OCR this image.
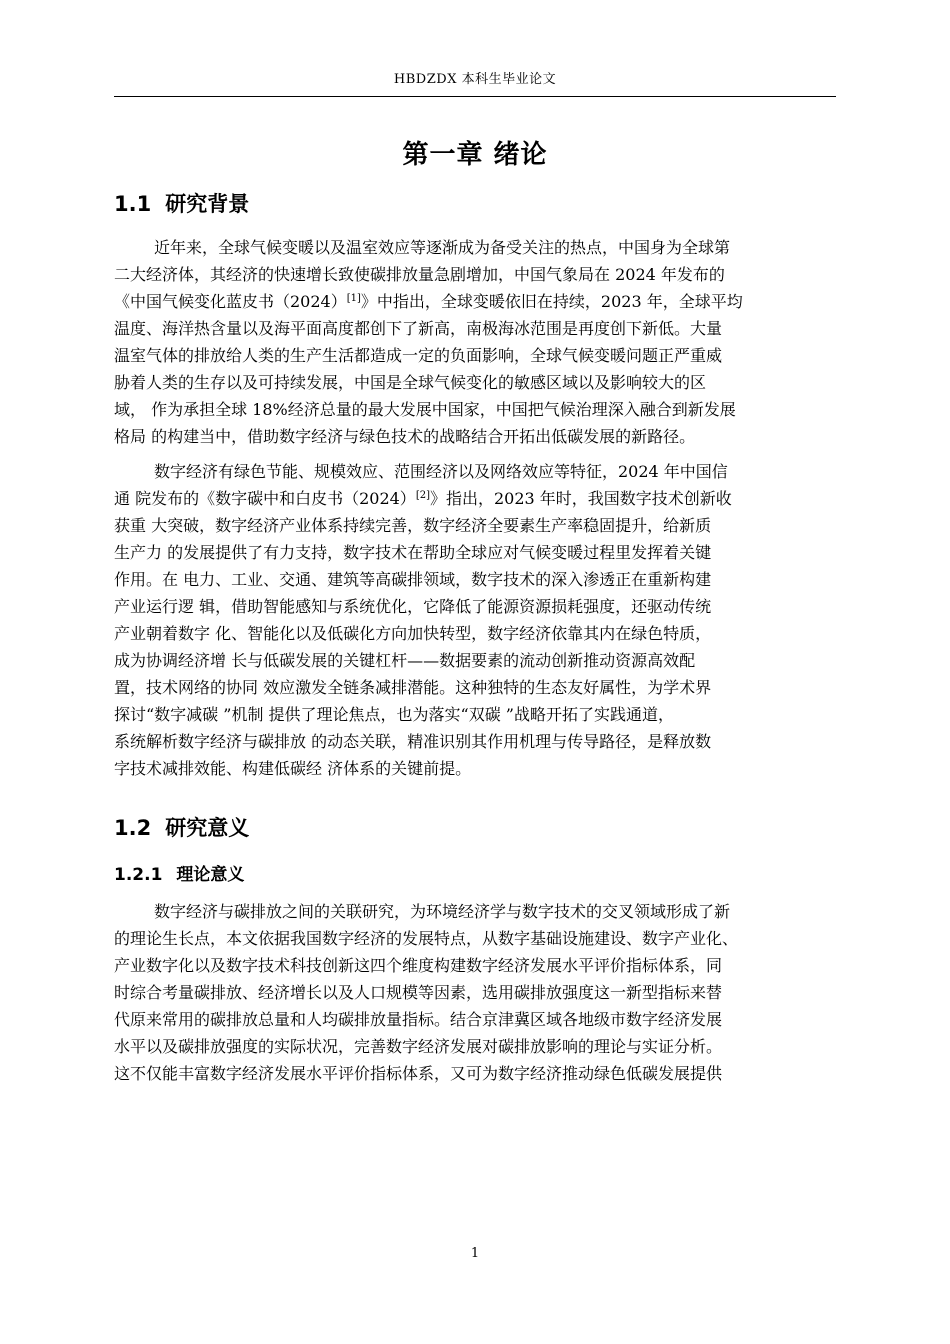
HBDZDX 本科生毕业论文
第一章 绪论
1.1 研究背景
近年来，全球气候变暖以及温室效应等逐渐成为备受关注的热点，中国身为全球第
二大经济体，其经济的快速增长致使碳排放量急剧增加，中国气象局在 2024 年发布的
《中国气候变化蓝皮书（2024）[1]》中指出，全球变暖依旧在持续，2023 年，全球平均
温度、海洋热含量以及海平面高度都创下了新高，南极海冰范围是再度创下新低。大量
温室气体的排放给人类的生产生活都造成一定的负面影响，全球气候变暖问题正严重威
胁着人类的生存以及可持续发展，中国是全球气候变化的敏感区域以及影响较大的区
域， 作为承担全球 18%经济总量的最大发展中国家，中国把气候治理深入融合到新发展
格局 的构建当中，借助数字经济与绿色技术的战略结合开拓出低碳发展的新路径。
数字经济有绿色节能、规模效应、范围经济以及网络效应等特征，2024 年中国信
通 院发布的《数字碳中和白皮书（2024）[2]》指出，2023 年时，我国数字技术创新收
获重 大突破，数字经济产业体系持续完善，数字经济全要素生产率稳固提升，给新质
生产力 的发展提供了有力支持，数字技术在帮助全球应对气候变暖过程里发挥着关键
作用。在 电力、工业、交通、建筑等高碳排领域，数字技术的深入渗透正在重新构建
产业运行逻 辑，借助智能感知与系统优化，它降低了能源资源损耗强度，还驱动传统
产业朝着数字 化、智能化以及低碳化方向加快转型，数字经济依靠其内在绿色特质，
成为协调经济增 长与低碳发展的关键杠杆——数据要素的流动创新推动资源高效配
置，技术网络的协同 效应激发全链条减排潜能。这种独特的生态友好属性，为学术界
探讨“数字减碳 ”机制 提供了理论焦点，也为落实“双碳 ”战略开拓了实践通道，
系统解析数字经济与碳排放 的动态关联，精准识别其作用机理与传导路径，是释放数
字技术减排效能、构建低碳经 济体系的关键前提。
1.2 研究意义
1.2.1 理论意义
数字经济与碳排放之间的关联研究，为环境经济学与数字技术的交叉领域形成了新
的理论生长点，本文依据我国数字经济的发展特点，从数字基础设施建设、数字产业化、
产业数字化以及数字技术科技创新这四个维度构建数字经济发展水平评价指标体系，同
时综合考量碳排放、经济增长以及人口规模等因素，选用碳排放强度这一新型指标来替
代原来常用的碳排放总量和人均碳排放量指标。结合京津冀区域各地级市数字经济发展
水平以及碳排放强度的实际状况，完善数字经济发展对碳排放影响的理论与实证分析。
这不仅能丰富数字经济发展水平评价指标体系，又可为数字经济推动绿色低碳发展提供
1
